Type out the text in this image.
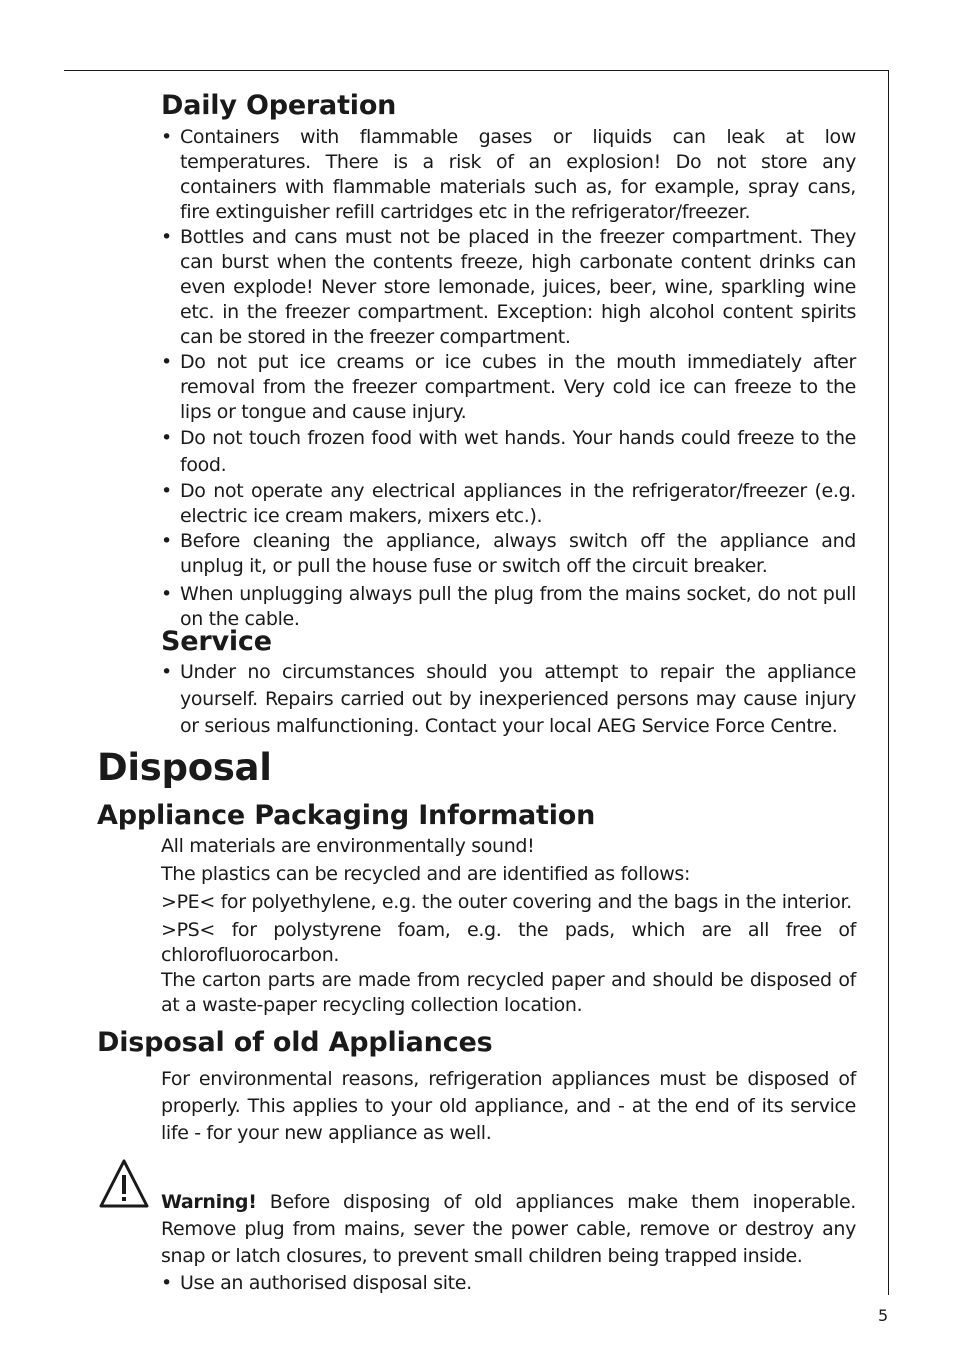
Daily Operation
• Containers with flammable gases or liquids can leak at low temperatures. There is a risk of an explosion! Do not store any containers with flammable materials such as, for example, spray cans, fire extinguisher refill cartridges etc in the refrigerator/freezer.
• Bottles and cans must not be placed in the freezer compartment. They can burst when the contents freeze, high carbonate content drinks can even explode! Never store lemonade, juices, beer, wine, sparkling wine etc. in the freezer compartment. Exception: high alcohol content spirits can be stored in the freezer compartment.
• Do not put ice creams or ice cubes in the mouth immediately after removal from the freezer compartment. Very cold ice can freeze to the lips or tongue and cause injury.
• Do not touch frozen food with wet hands. Your hands could freeze to the food.
• Do not operate any electrical appliances in the refrigerator/freezer (e.g. electric ice cream makers, mixers etc.).
• Before cleaning the appliance, always switch off the appliance and unplug it, or pull the house fuse or switch off the circuit breaker.
• When unplugging always pull the plug from the mains socket, do not pull on the cable.
Service
• Under no circumstances should you attempt to repair the appliance yourself. Repairs carried out by inexperienced persons may cause injury or serious malfunctioning. Contact your local AEG Service Force Centre.
Disposal
Appliance Packaging Information

All materials are environmentally sound!

The plastics can be recycled and are identified as follows:

>PE< for polyethylene, e.g. the outer covering and the bags in the interior.

>PS< for polystyrene foam, e.g. the pads, which are all free of chlorofluorocarbon.

The carton parts are made from recycled paper and should be disposed of at a waste-paper recycling collection location.

Disposal of old Appliances

For environmental reasons, refrigeration appliances must be disposed of properly. This applies to your old appliance, and - at the end of its service life - for your new appliance as well.

Warning! Before disposing of old appliances make them inoperable. Remove plug from mains, sever the power cable, remove or destroy any snap or latch closures, to prevent small children being trapped inside.

• Use an authorised disposal site.
5
